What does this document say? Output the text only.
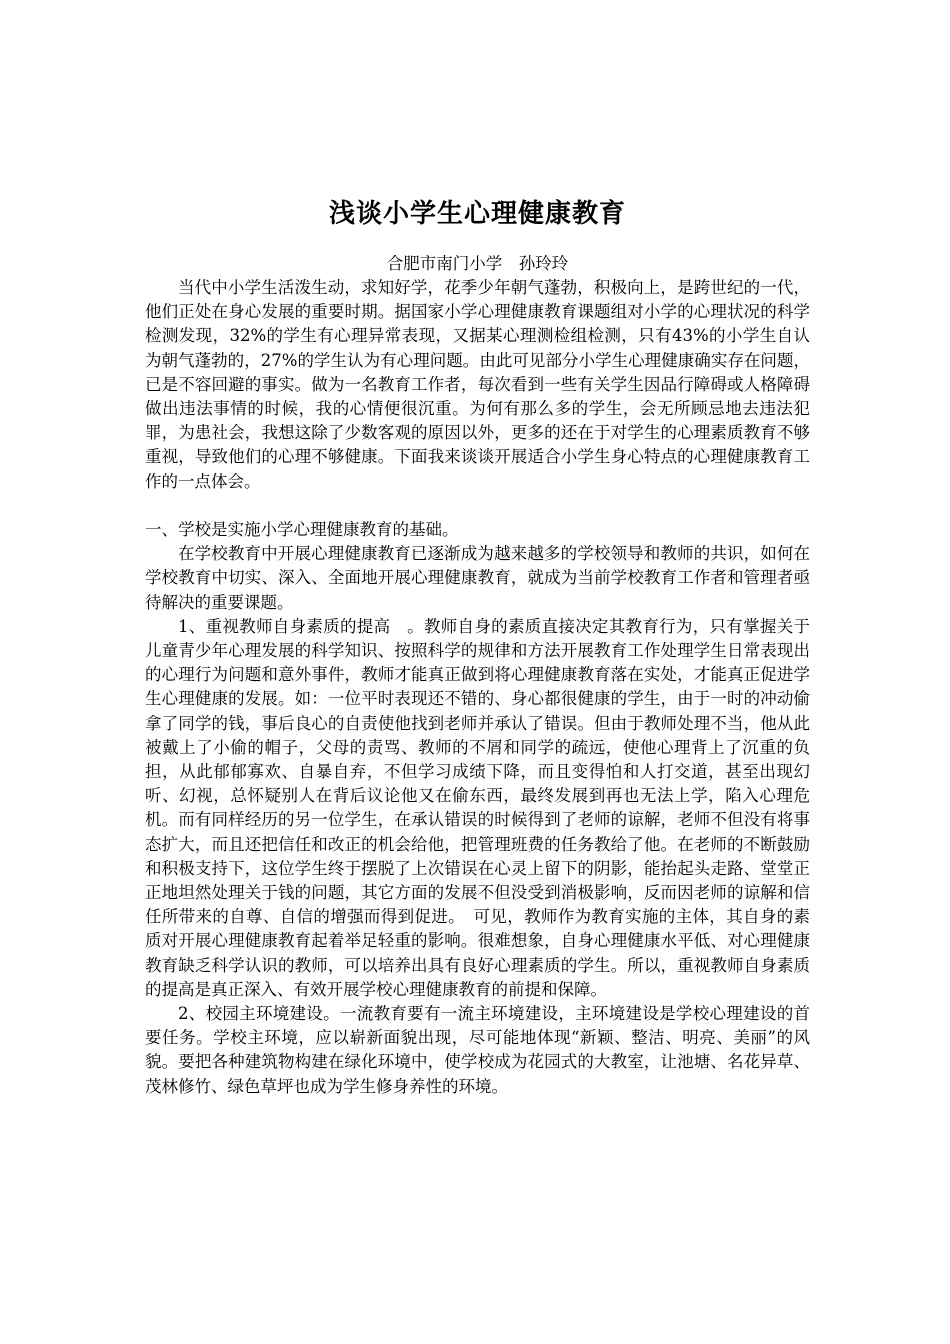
浅谈小学生心理健康教育

合肥市南门小学　孙玲玲

当代中小学生活泼生动，求知好学，花季少年朝气蓬勃，积极向上，是跨世纪的一代，他们正处在身心发展的重要时期。据国家小学心理健康教育课题组对小学的心理状况的科学检测发现，32%的学生有心理异常表现，又据某心理测检组检测，只有43%的小学生自认为朝气蓬勃的，27%的学生认为有心理问题。由此可见部分小学生心理健康确实存在问题，已是不容回避的事实。做为一名教育工作者，每次看到一些有关学生因品行障碍或人格障碍做出违法事情的时候，我的心情便很沉重。为何有那么多的学生，会无所顾忌地去违法犯罪，为患社会，我想这除了少数客观的原因以外，更多的还在于对学生的心理素质教育不够重视，导致他们的心理不够健康。下面我来谈谈开展适合小学生身心特点的心理健康教育工作的一点体会。

一、学校是实施小学心理健康教育的基础。

在学校教育中开展心理健康教育已逐渐成为越来越多的学校领导和教师的共识，如何在学校教育中切实、深入、全面地开展心理健康教育，就成为当前学校教育工作者和管理者亟待解决的重要课题。

1、重视教师自身素质的提高　。教师自身的素质直接决定其教育行为，只有掌握关于儿童青少年心理发展的科学知识、按照科学的规律和方法开展教育工作处理学生日常表现出的心理行为问题和意外事件，教师才能真正做到将心理健康教育落在实处，才能真正促进学生心理健康的发展。如：一位平时表现还不错的、身心都很健康的学生，由于一时的冲动偷拿了同学的钱，事后良心的自责使他找到老师并承认了错误。但由于教师处理不当，他从此被戴上了小偷的帽子，父母的责骂、教师的不屑和同学的疏远，使他心理背上了沉重的负担，从此郁郁寡欢、自暴自弃，不但学习成绩下降，而且变得怕和人打交道，甚至出现幻听、幻视，总怀疑别人在背后议论他又在偷东西，最终发展到再也无法上学，陷入心理危机。而有同样经历的另一位学生，在承认错误的时候得到了老师的谅解，老师不但没有将事态扩大，而且还把信任和改正的机会给他，把管理班费的任务教给了他。在老师的不断鼓励和积极支持下，这位学生终于摆脱了上次错误在心灵上留下的阴影，能抬起头走路、堂堂正正地坦然处理关于钱的问题，其它方面的发展不但没受到消极影响，反而因老师的谅解和信任所带来的自尊、自信的增强而得到促进。　可见，教师作为教育实施的主体，其自身的素质对开展心理健康教育起着举足轻重的影响。很难想象，自身心理健康水平低、对心理健康教育缺乏科学认识的教师，可以培养出具有良好心理素质的学生。所以，重视教师自身素质的提高是真正深入、有效开展学校心理健康教育的前提和保障。

2、校园主环境建设。一流教育要有一流主环境建设，主环境建设是学校心理建设的首要任务。学校主环境，应以崭新面貌出现，尽可能地体现“新颖、整洁、明亮、美丽”的风貌。要把各种建筑物构建在绿化环境中，使学校成为花园式的大教室，让池塘、名花异草、茂林修竹、绿色草坪也成为学生修身养性的环境。
